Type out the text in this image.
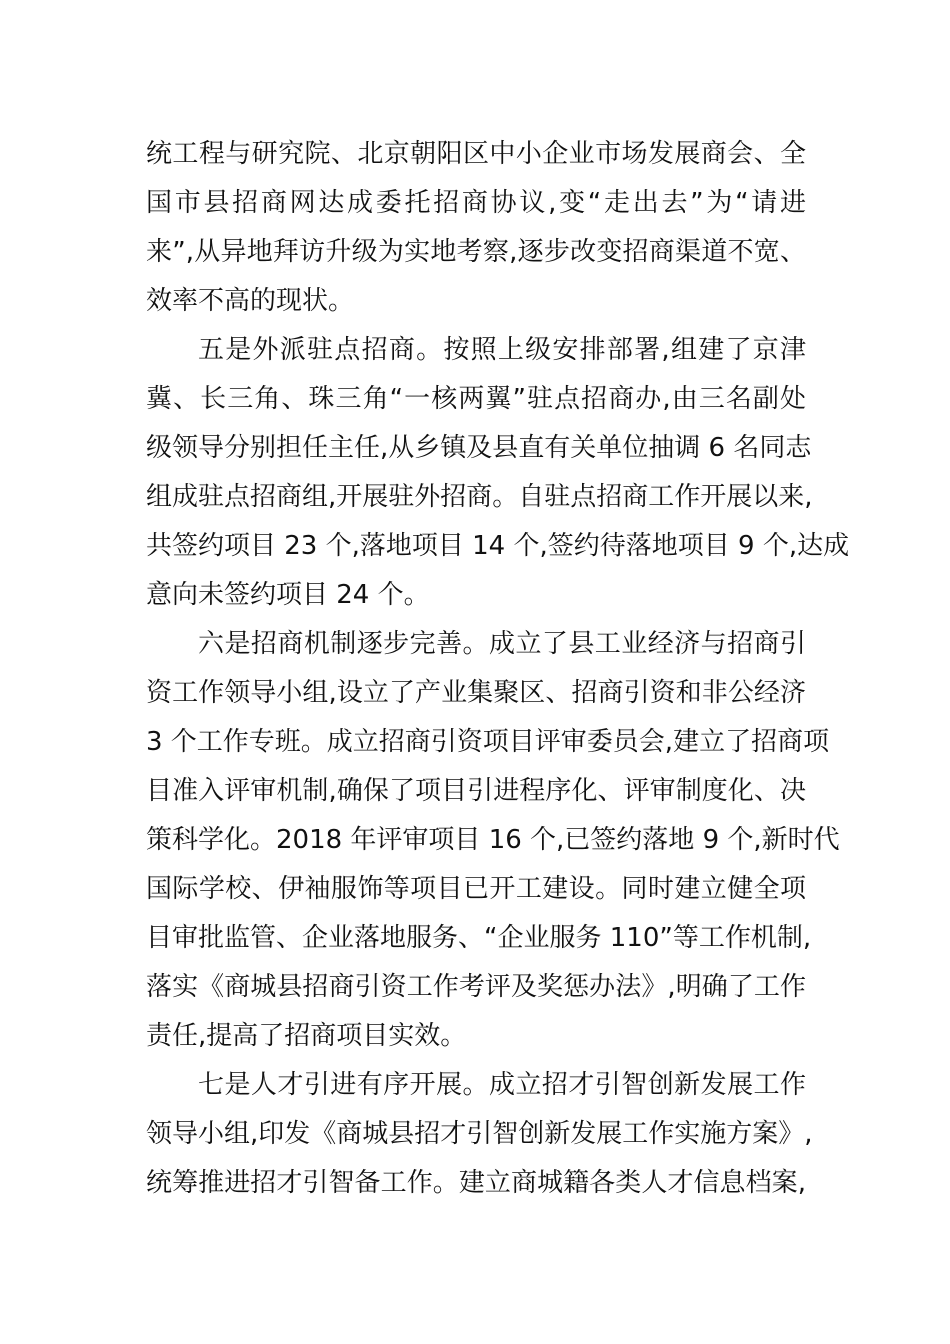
统工程与研究院、北京朝阳区中小企业市场发展商会、全
国市县招商网达成委托招商协议,变“走出去”为“请进
来”,从异地拜访升级为实地考察,逐步改变招商渠道不宽、
效率不高的现状。
五是外派驻点招商。按照上级安排部署,组建了京津
冀、长三角、珠三角“一核两翼”驻点招商办,由三名副处
级领导分别担任主任,从乡镇及县直有关单位抽调 6 名同志
组成驻点招商组,开展驻外招商。自驻点招商工作开展以来,
共签约项目 23 个,落地项目 14 个,签约待落地项目 9 个,达成
意向未签约项目 24 个。
六是招商机制逐步完善。成立了县工业经济与招商引
资工作领导小组,设立了产业集聚区、招商引资和非公经济
3 个工作专班。成立招商引资项目评审委员会,建立了招商项
目准入评审机制,确保了项目引进程序化、评审制度化、决
策科学化。2018 年评审项目 16 个,已签约落地 9 个,新时代
国际学校、伊袖服饰等项目已开工建设。同时建立健全项
目审批监管、企业落地服务、“企业服务 110”等工作机制,
落实《商城县招商引资工作考评及奖惩办法》,明确了工作
责任,提高了招商项目实效。
七是人才引进有序开展。成立招才引智创新发展工作
领导小组,印发《商城县招才引智创新发展工作实施方案》,
统筹推进招才引智备工作。建立商城籍各类人才信息档案,
